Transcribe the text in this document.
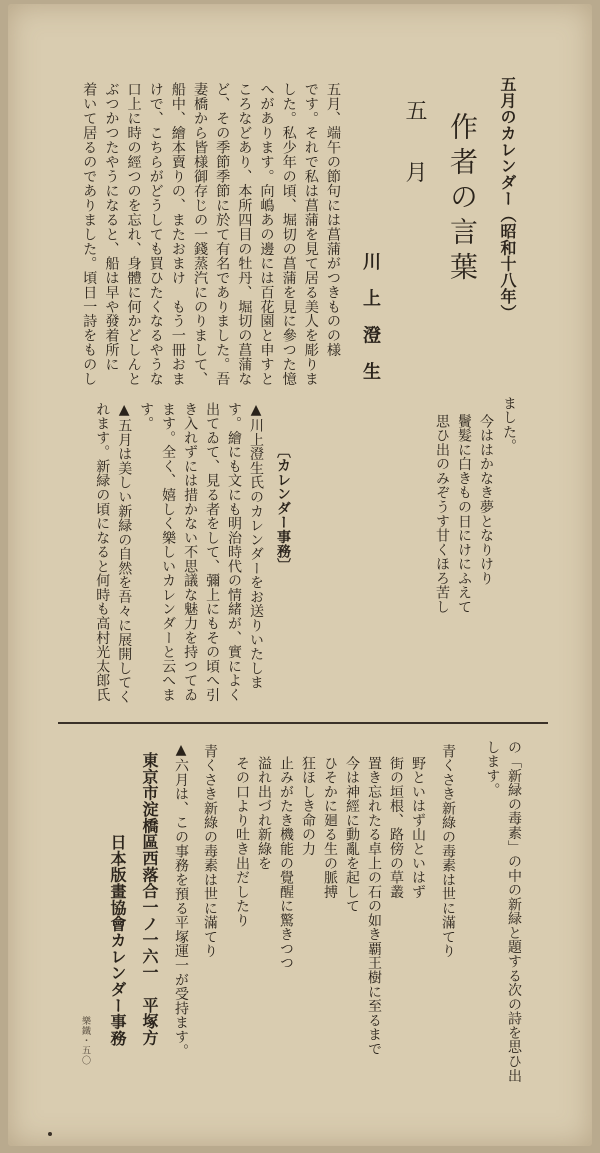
五月のカレンダー（昭和十八年）
作者の言葉
五　月
川　上　澄　生
五月、端午の節句には菖蒲がつきものの様
です。それで私は菖蒲を見て居る美人を彫りま
した。私少年の頃、堀切の菖蒲を見に參つた憶
へがあります。向嶋あの邊には百花園と申すと
ころなどあり、本所四目の牡丹、堀切の菖蒲な
ど、その季節季節に於て有名でありました。吾
妻橋から皆様御存じの一錢蒸汽にのりまして、
船中、繪本賣りの、またおまけ　もう一冊おま
けで、こちらがどうしても買ひたくなるやうな
口上に時の經つのを忘れ、身體に何かどしんと
ぶつかつたやうになると、船は早や發着所に
着いて居るのでありました。頃日一詩をものし
ました。
今ははかなき夢となりけり
鬢髮に白きもの日にけにふえて
思ひ出のみぞうす甘くほろ苦し
〔カレンダー事務〕
▲川上澄生氏のカレンダーをお送りいたしま
す。繪にも文にも明治時代の情緒が、實によく
出てゐて、見る者をして、彌上にもその頃へ引
き入れずには措かない不思議な魅力を持つてゐ
ます。全く、嬉しく樂しいカレンダーと云へま
す。
▲五月は美しい新緑の自然を吾々に展開してく
れます。新緑の頃になると何時も高村光太郎氏
の「新緑の毒素」の中の新緑と題する次の詩を思ひ出
します。
青くさき新綠の毒素は世に滿てり
野といはず山といはず
街の垣根、路傍の草叢
置き忘れたる卓上の石の如き覇王樹に至るまで
今は神經に動亂を起して
ひそかに廻る生の脈搏
狂ほしき命の力
止みがたき機能の覺醒に驚きつつ
溢れ出づれ新綠を
その口より吐き出だしたり
青くさき新綠の毒素は世に滿てり
▲六月は、この事務を預る平塚運一が受持ます。
東京市淀橋區西落合一ノ一六一　平塚方
日本版畫協會カレンダー事務
樂鐵・五〇
